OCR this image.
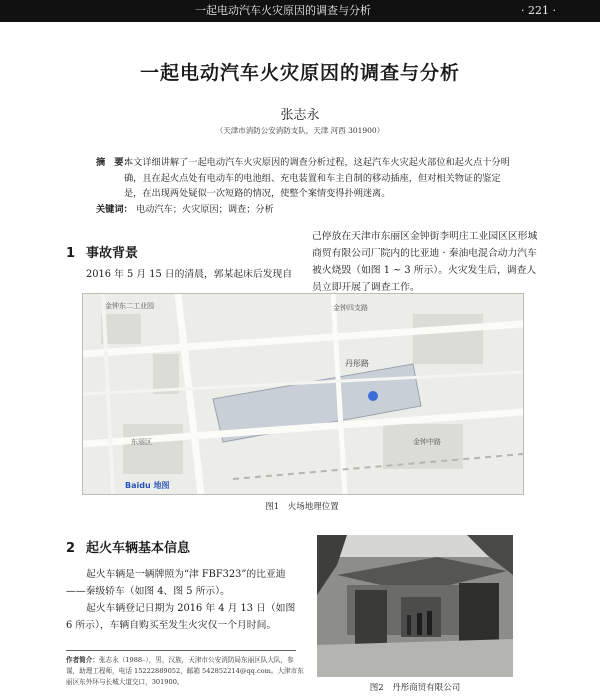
一起电动汽车火灾原因的调查与分析	· 221 ·
一起电动汽车火灾原因的调查与分析
张志永
（天津市消防公安消防支队，天津 河西 301900）
摘　要：
本文详细讲解了一起电动汽车火灾原因的调查分析过程，这起汽车火灾起火部位和起火点十分明确，且在起火点处有电动车的电池组、充电装置和车主自制的移动插座，但对相关物证的鉴定是，在出现两处疑似一次短路的情况，使整个案情变得扑朔迷离。
关键词： 电动汽车；火灾原因；调查；分析
1 事故背景
2016 年 5 月 15 日的清晨，郭某起床后发现自
己停放在天津市东丽区金钟街李明庄工业园区区形城商贸有限公司厂院内的比亚迪 · 秦油电混合动力汽车被火烧毁（如图 1 ~ 3 所示）。火灾发生后，调查人员立即开展了调查工作。
金钟东二工业园	金钟四支路
丹彤路
东丽区	金钟中路
Baidu 地图
图1　火场地理位置
2 起火车辆基本信息
起火车辆是一辆牌照为“津 FBF323”的比亚迪——秦级轿车（如图 4、图 5 所示）。
起火车辆登记日期为 2016 年 4 月 13 日（如图 6 所示），车辆自购买至发生火灾仅一个月时间。
图2　丹彤商贸有限公司
作者简介：张志永（1988–），男，汉族，天津市公安消防局东丽区队大队，参谋，助理工程师，电话 15222889052，邮箱 542852214@qq.com。大津市东丽区东外环与长城大道交口，301900。
